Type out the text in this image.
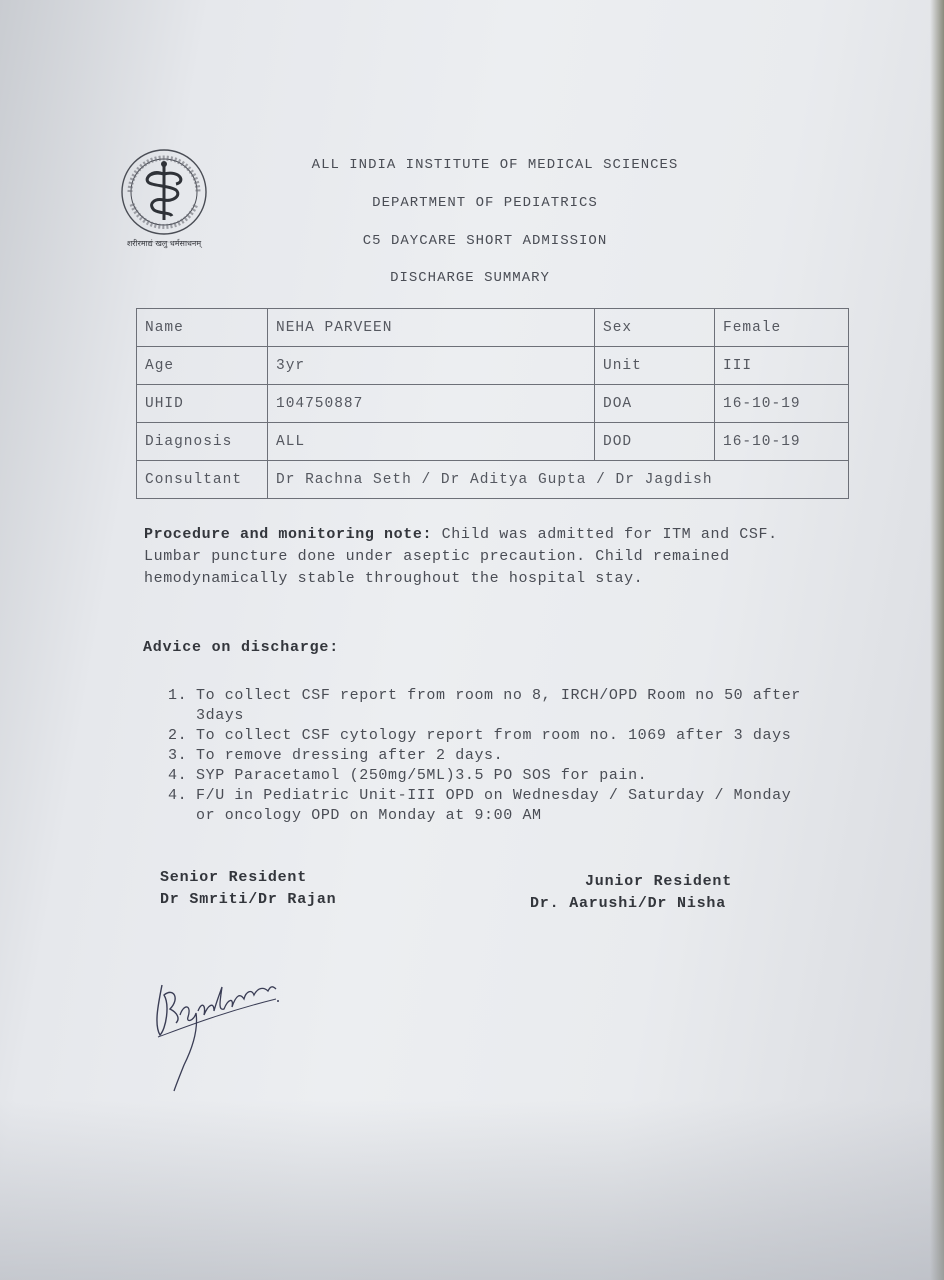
शरीरमाद्यं खलु धर्मसाधनम्
ALL INDIA INSTITUTE OF MEDICAL SCIENCES
DEPARTMENT OF PEDIATRICS
C5 DAYCARE SHORT ADMISSION
DISCHARGE SUMMARY
Name	NEHA PARVEEN	Sex	Female
Age	3yr	Unit	III
UHID	104750887	DOA	16-10-19
Diagnosis	ALL	DOD	16-10-19
Consultant	Dr Rachna Seth / Dr Aditya Gupta / Dr Jagdish		
Procedure and monitoring note: Child was admitted for ITM and CSF. Lumbar puncture done under aseptic precaution. Child remained hemodynamically stable throughout the hospital stay.
Advice on discharge:
1. To collect CSF report from room no 8, IRCH/OPD Room no 50 after 3days
2. To collect CSF cytology report from room no. 1069 after 3 days
3. To remove dressing after 2 days.
4. SYP Paracetamol (250mg/5ML)3.5 PO SOS for pain.
4. F/U in Pediatric Unit-III OPD on Wednesday / Saturday / Monday or oncology OPD on Monday at 9:00 AM
Senior Resident
Dr Smriti/Dr Rajan
Junior Resident
Dr. Aarushi/Dr Nisha
